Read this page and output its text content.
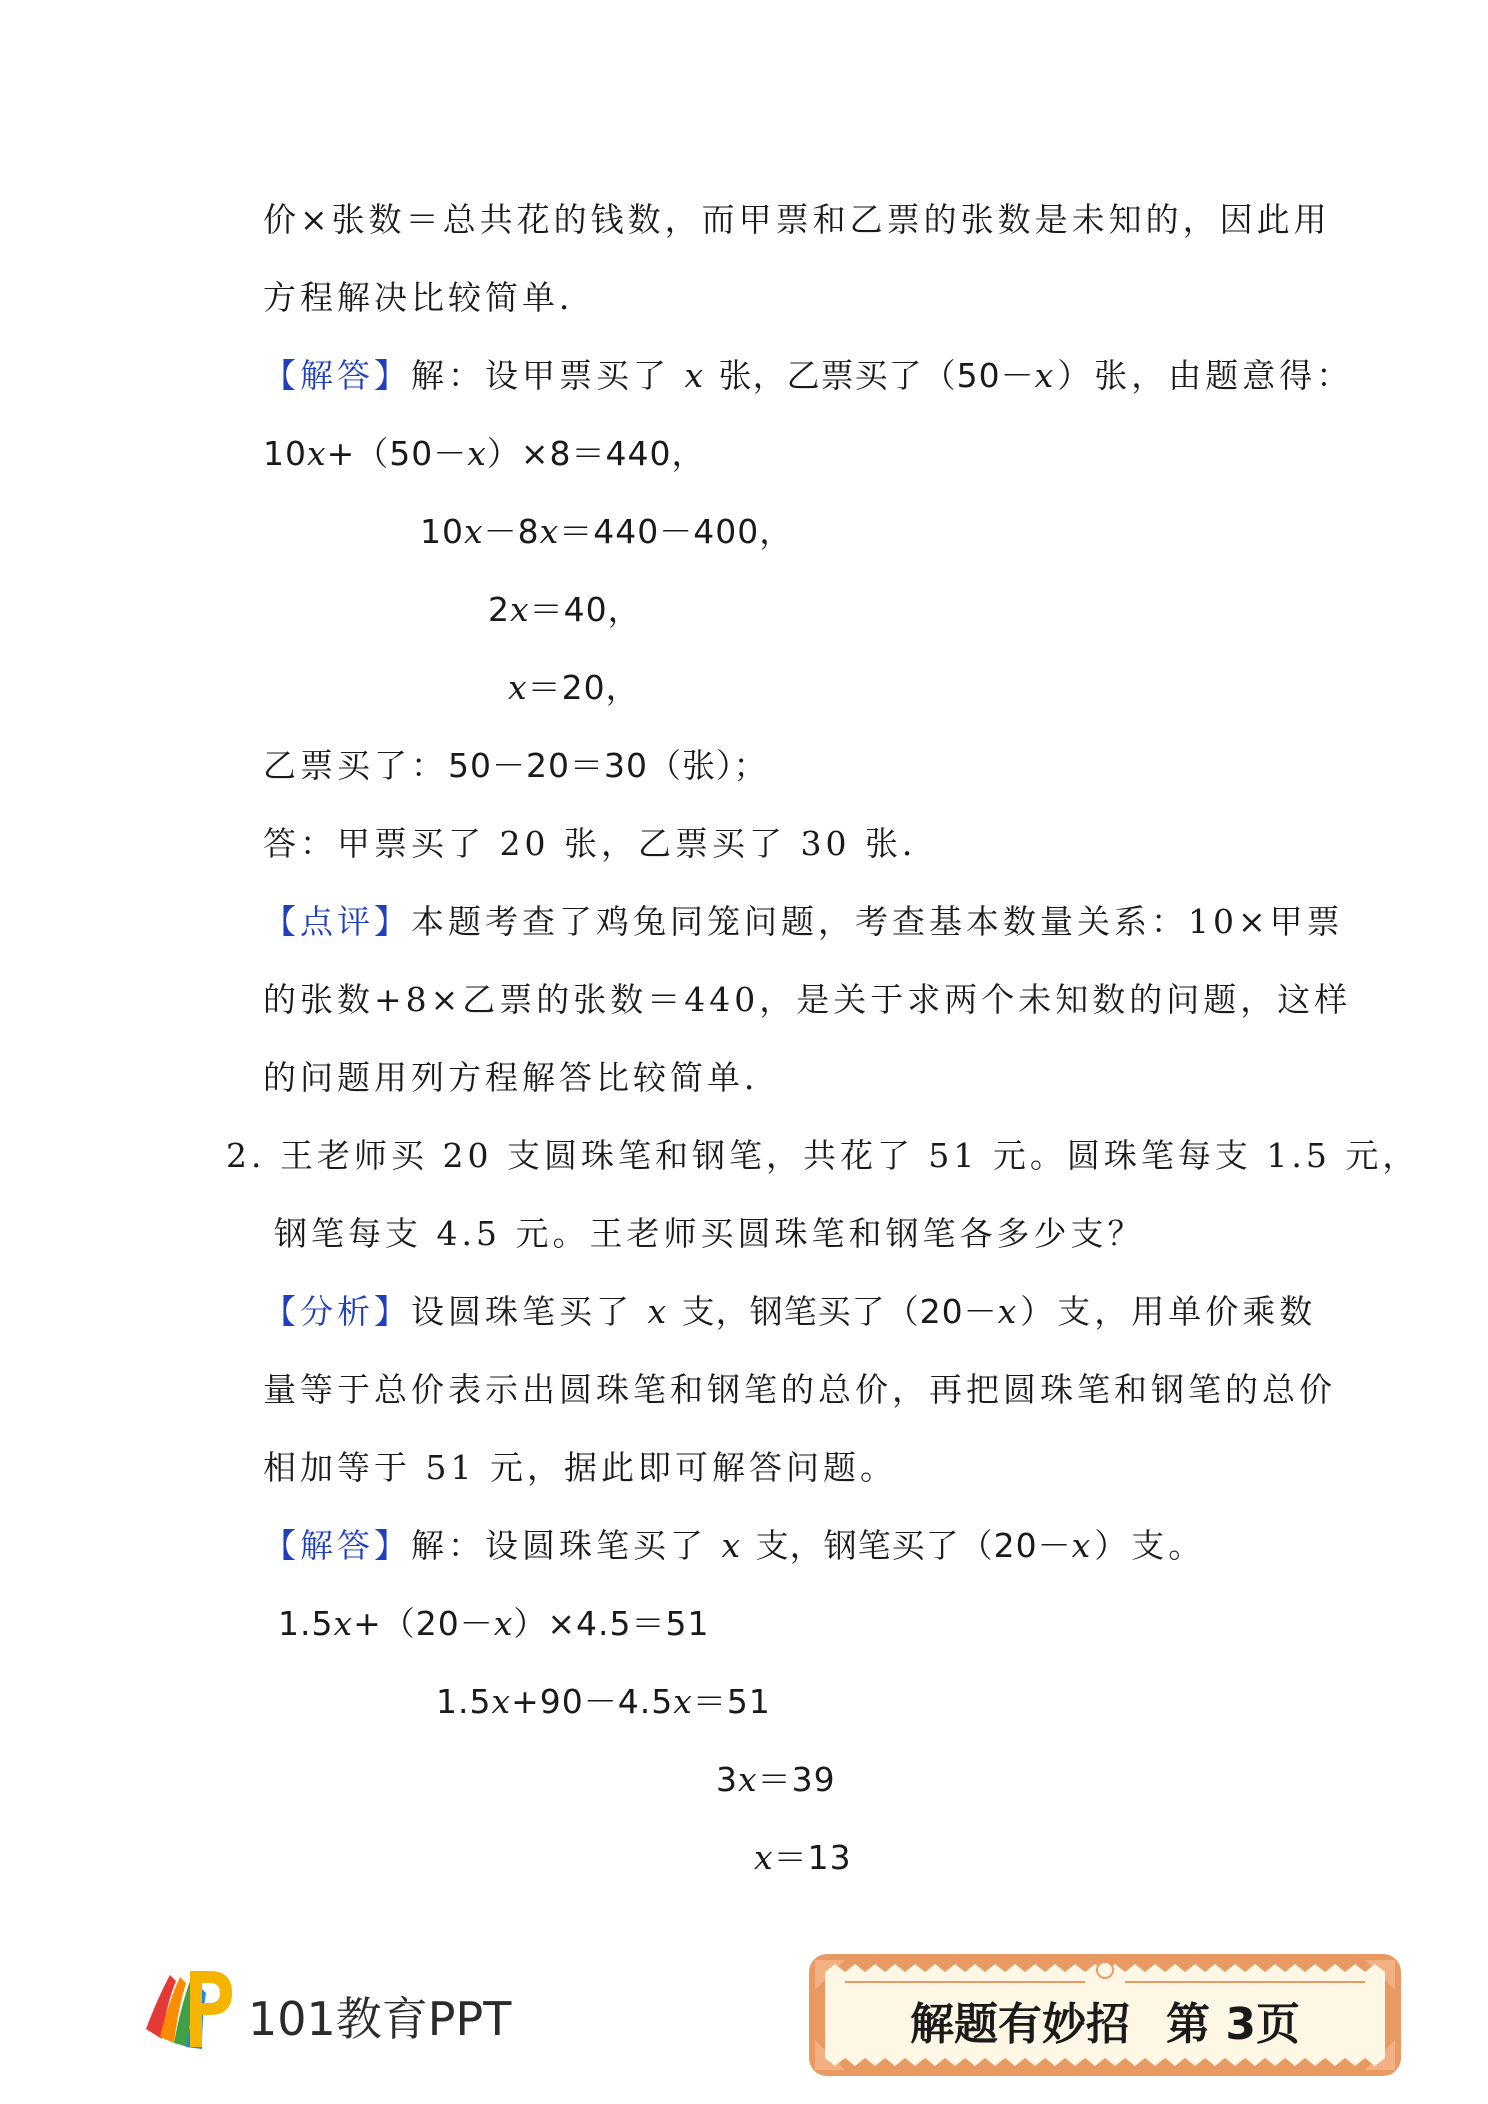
价×张数＝总共花的钱数，而甲票和乙票的张数是未知的，因此用
方程解决比较简单．
【解答】解：设甲票买了 x 张，乙票买了（50－x）张，由题意得：
10x+（50－x）×8＝440，
10x－8x＝440－400，
2x＝40，
x＝20，
乙票买了：50－20＝30（张）；
答：甲票买了 20 张，乙票买了 30 张．
【点评】本题考查了鸡兔同笼问题，考查基本数量关系：10×甲票
的张数+8×乙票的张数＝440，是关于求两个未知数的问题，这样
的问题用列方程解答比较简单．
2. 王老师买 20 支圆珠笔和钢笔，共花了 51 元。圆珠笔每支 1.5 元，
钢笔每支 4.5 元。王老师买圆珠笔和钢笔各多少支？
【分析】设圆珠笔买了 x 支，钢笔买了（20－x）支，用单价乘数
量等于总价表示出圆珠笔和钢笔的总价，再把圆珠笔和钢笔的总价
相加等于 51 元，据此即可解答问题。
【解答】解：设圆珠笔买了 x 支，钢笔买了（20－x）支。
1.5x+（20－x）×4.5＝51
1.5x+90－4.5x＝51
3x＝39
x＝13
101教育PPT	解题有妙招 第 3页
